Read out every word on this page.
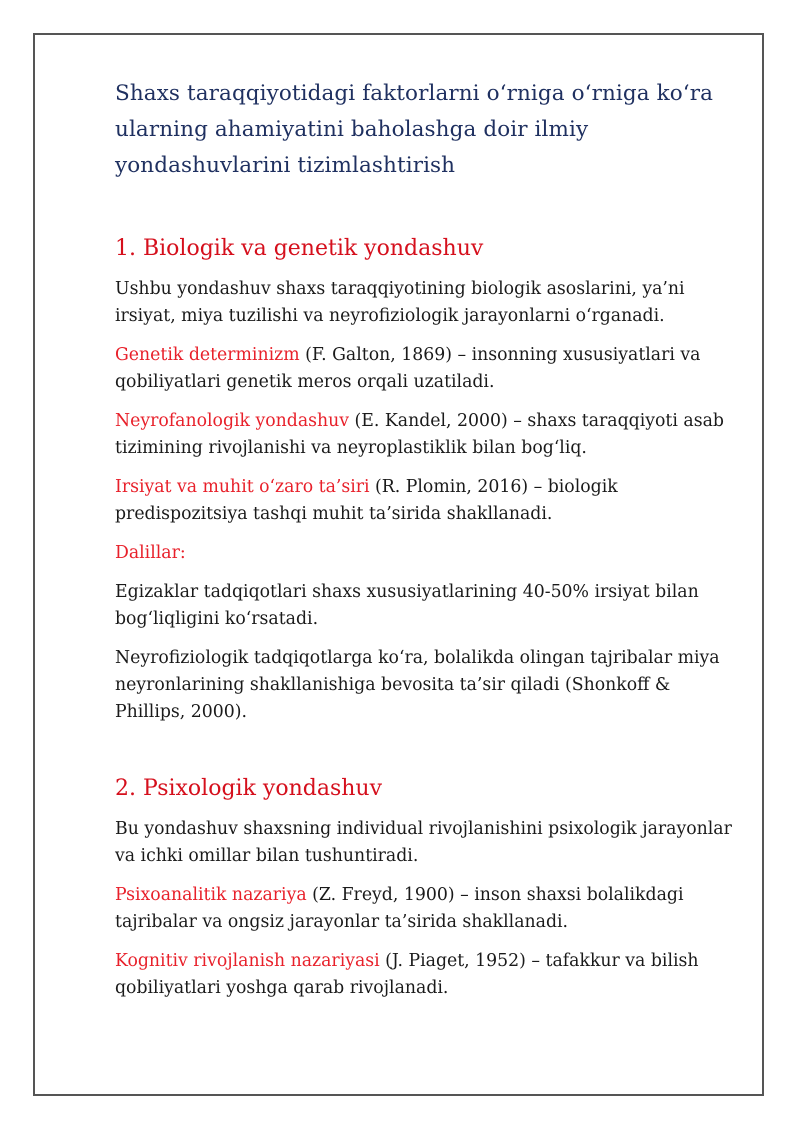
Shaxs taraqqiyotidagi faktorlarni oʻrniga oʻrniga koʻra ularning ahamiyatini baholashga doir ilmiy yondashuvlarini tizimlashtirish
1. Biologik va genetik yondashuv

Ushbu yondashuv shaxs taraqqiyotining biologik asoslarini, ya’ni irsiyat, miya tuzilishi va neyrofiziologik jarayonlarni o‘rganadi.

Genetik determinizm (F. Galton, 1869) – insonning xususiyatlari va qobiliyatlari genetik meros orqali uzatiladi.

Neyrofanologik yondashuv (E. Kandel, 2000) – shaxs taraqqiyoti asab tizimining rivojlanishi va neyroplastiklik bilan bog‘liq.

Irsiyat va muhit o‘zaro ta’siri (R. Plomin, 2016) – biologik predispozitsiya tashqi muhit ta’sirida shakllanadi.

Dalillar:

Egizaklar tadqiqotlari shaxs xususiyatlarining 40-50% irsiyat bilan bog‘liqligini ko‘rsatadi.

Neyrofiziologik tadqiqotlarga ko‘ra, bolalikda olingan tajribalar miya neyronlarining shakllanishiga bevosita ta’sir qiladi (Shonkoff & Phillips, 2000).

2. Psixologik yondashuv

Bu yondashuv shaxsning individual rivojlanishini psixologik jarayonlar va ichki omillar bilan tushuntiradi.

Psixoanalitik nazariya (Z. Freyd, 1900) – inson shaxsi bolalikdagi tajribalar va ongsiz jarayonlar ta’sirida shakllanadi.

Kognitiv rivojlanish nazariyasi (J. Piaget, 1952) – tafakkur va bilish qobiliyatlari yoshga qarab rivojlanadi.
